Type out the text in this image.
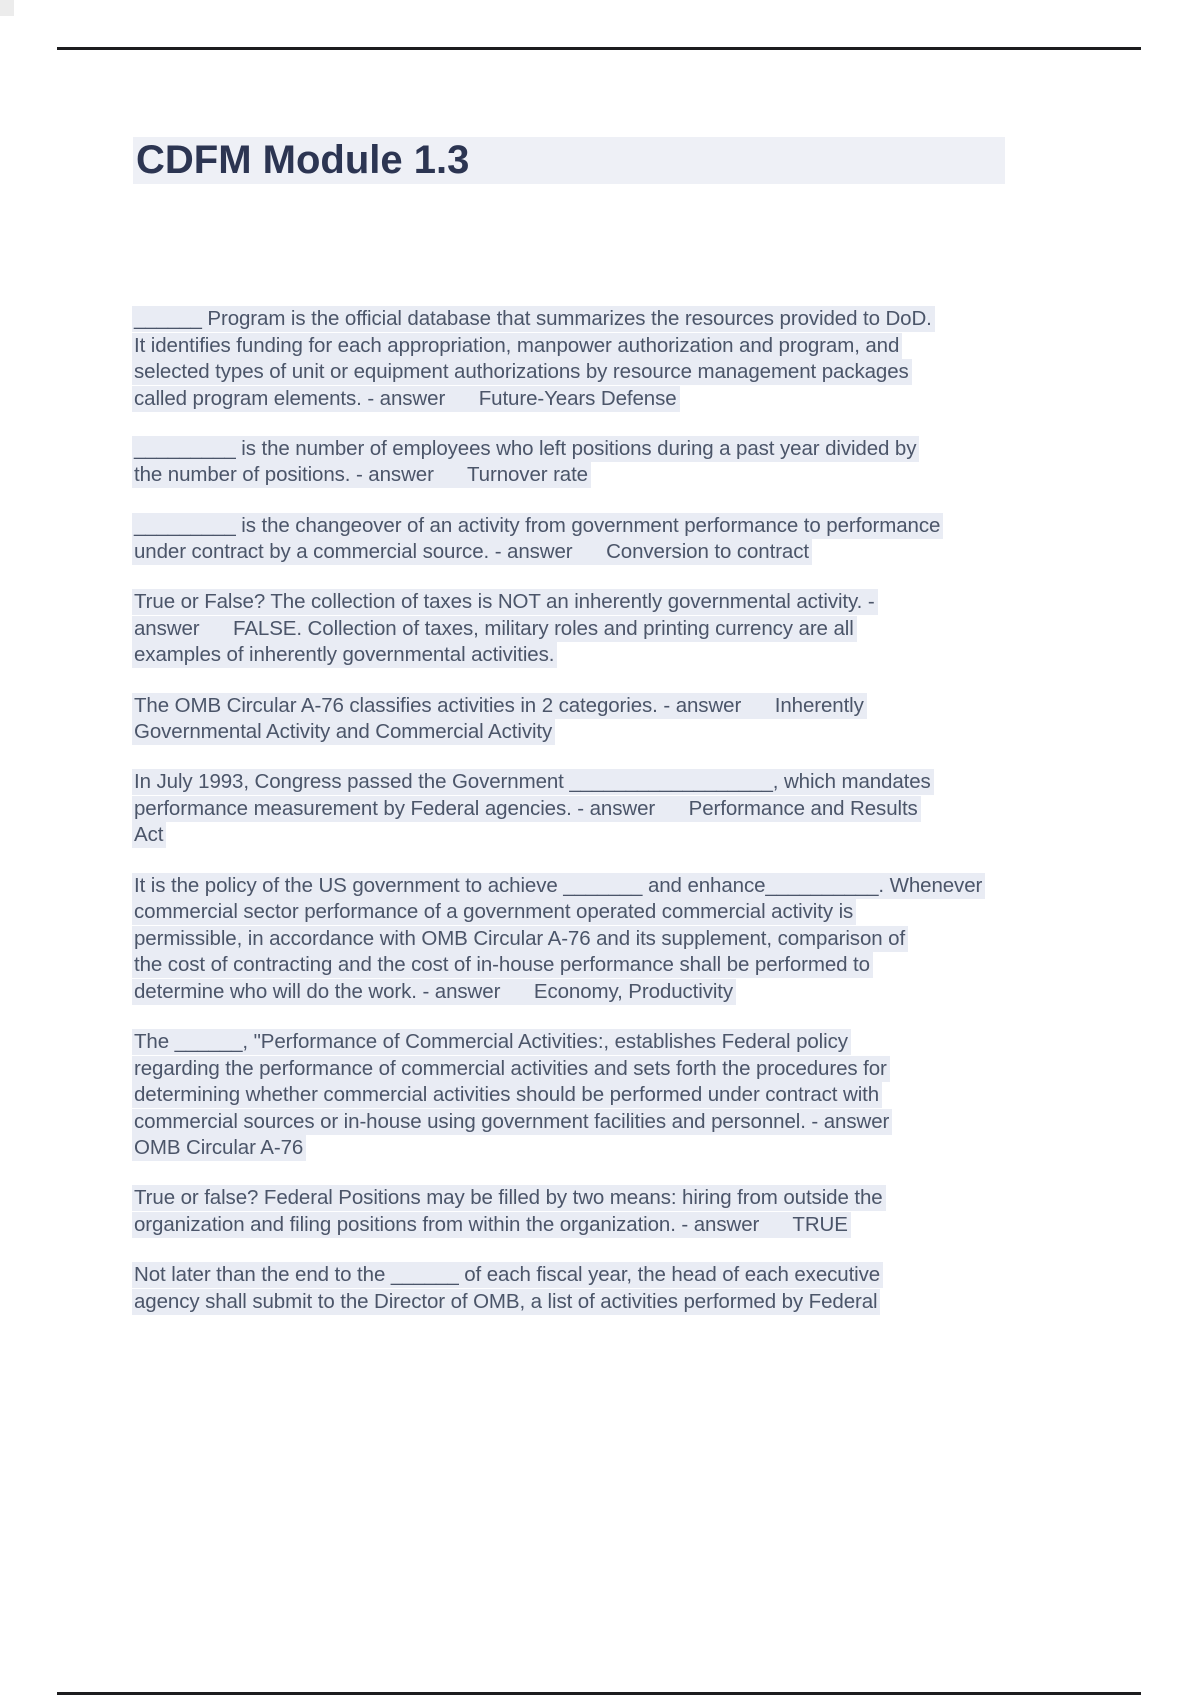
CDFM Module 1.3
______ Program is the official database that summarizes the resources provided to DoD.
It identifies funding for each appropriation, manpower authorization and program, and
selected types of unit or equipment authorizations by resource management packages
called program elements. - answer      Future-Years Defense
_________ is the number of employees who left positions during a past year divided by
the number of positions. - answer      Turnover rate
_________ is the changeover of an activity from government performance to performance
under contract by a commercial source. - answer      Conversion to contract
True or False? The collection of taxes is NOT an inherently governmental activity. -
answer      FALSE. Collection of taxes, military roles and printing currency are all
examples of inherently governmental activities.
The OMB Circular A-76 classifies activities in 2 categories. - answer      Inherently
Governmental Activity and Commercial Activity
In July 1993, Congress passed the Government __________________, which mandates
performance measurement by Federal agencies. - answer      Performance and Results
Act
It is the policy of the US government to achieve _______ and enhance__________. Whenever
commercial sector performance of a government operated commercial activity is
permissible, in accordance with OMB Circular A-76 and its supplement, comparison of
the cost of contracting and the cost of in-house performance shall be performed to
determine who will do the work. - answer      Economy, Productivity
The ______, "Performance of Commercial Activities:, establishes Federal policy
regarding the performance of commercial activities and sets forth the procedures for
determining whether commercial activities should be performed under contract with
commercial sources or in-house using government facilities and personnel. - answer
OMB Circular A-76
True or false? Federal Positions may be filled by two means: hiring from outside the
organization and filing positions from within the organization. - answer      TRUE
Not later than the end to the ______ of each fiscal year, the head of each executive
agency shall submit to the Director of OMB, a list of activities performed by Federal
